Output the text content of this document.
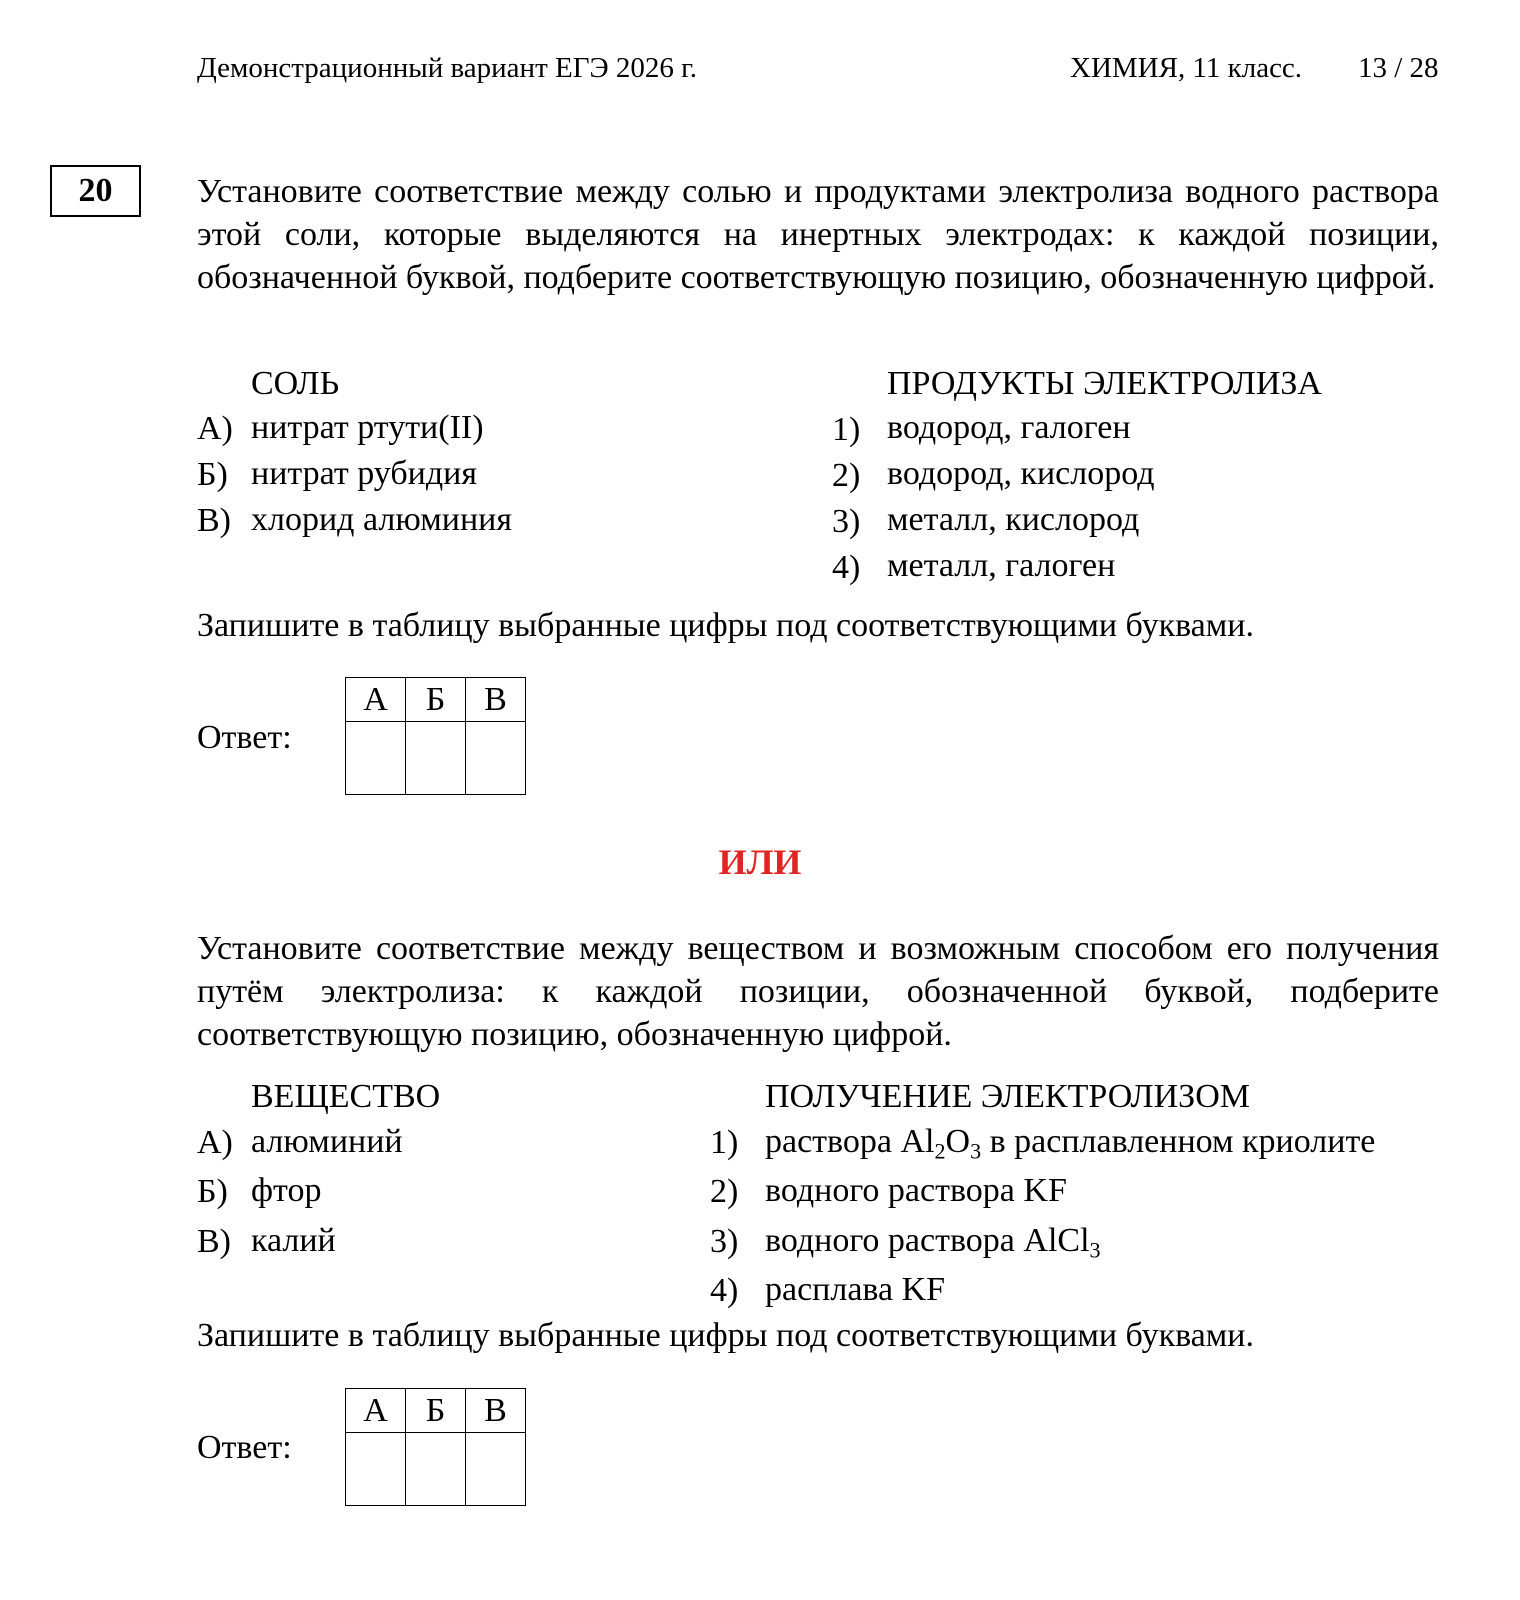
Демонстрационный вариант ЕГЭ 2026 г.	ХИМИЯ, 11 класс. 13 / 28
20	Установите соответствие между солью и продуктами электролиза водного раствора этой соли, которые выделяются на инертных электродах: к каждой позиции, обозначенной буквой, подберите соответствующую позицию, обозначенную цифрой.
СОЛЬ	ПРОДУКТЫ ЭЛЕКТРОЛИЗА
А) нитрат ртути(II)
Б) нитрат рубидия
В) хлорид алюминия
1) водород, галоген
2) водород, кислород
3) металл, кислород
4) металл, галоген
Запишите в таблицу выбранные цифры под соответствующими буквами.
Ответ:
А	Б	В

ИЛИ
Установите соответствие между веществом и возможным способом его получения путём электролиза: к каждой позиции, обозначенной буквой, подберите соответствующую позицию, обозначенную цифрой.
ВЕЩЕСТВО	ПОЛУЧЕНИЕ ЭЛЕКТРОЛИЗОМ
А) алюминий
Б) фтор
В) калий
1) раствора $Al_2O_3$ в расплавленном криолите
2) водного раствора KF
3) водного раствора AlCl$_3$
4) расплава KF
Запишите в таблицу выбранные цифры под соответствующими буквами.
Ответ:
А	Б	В
